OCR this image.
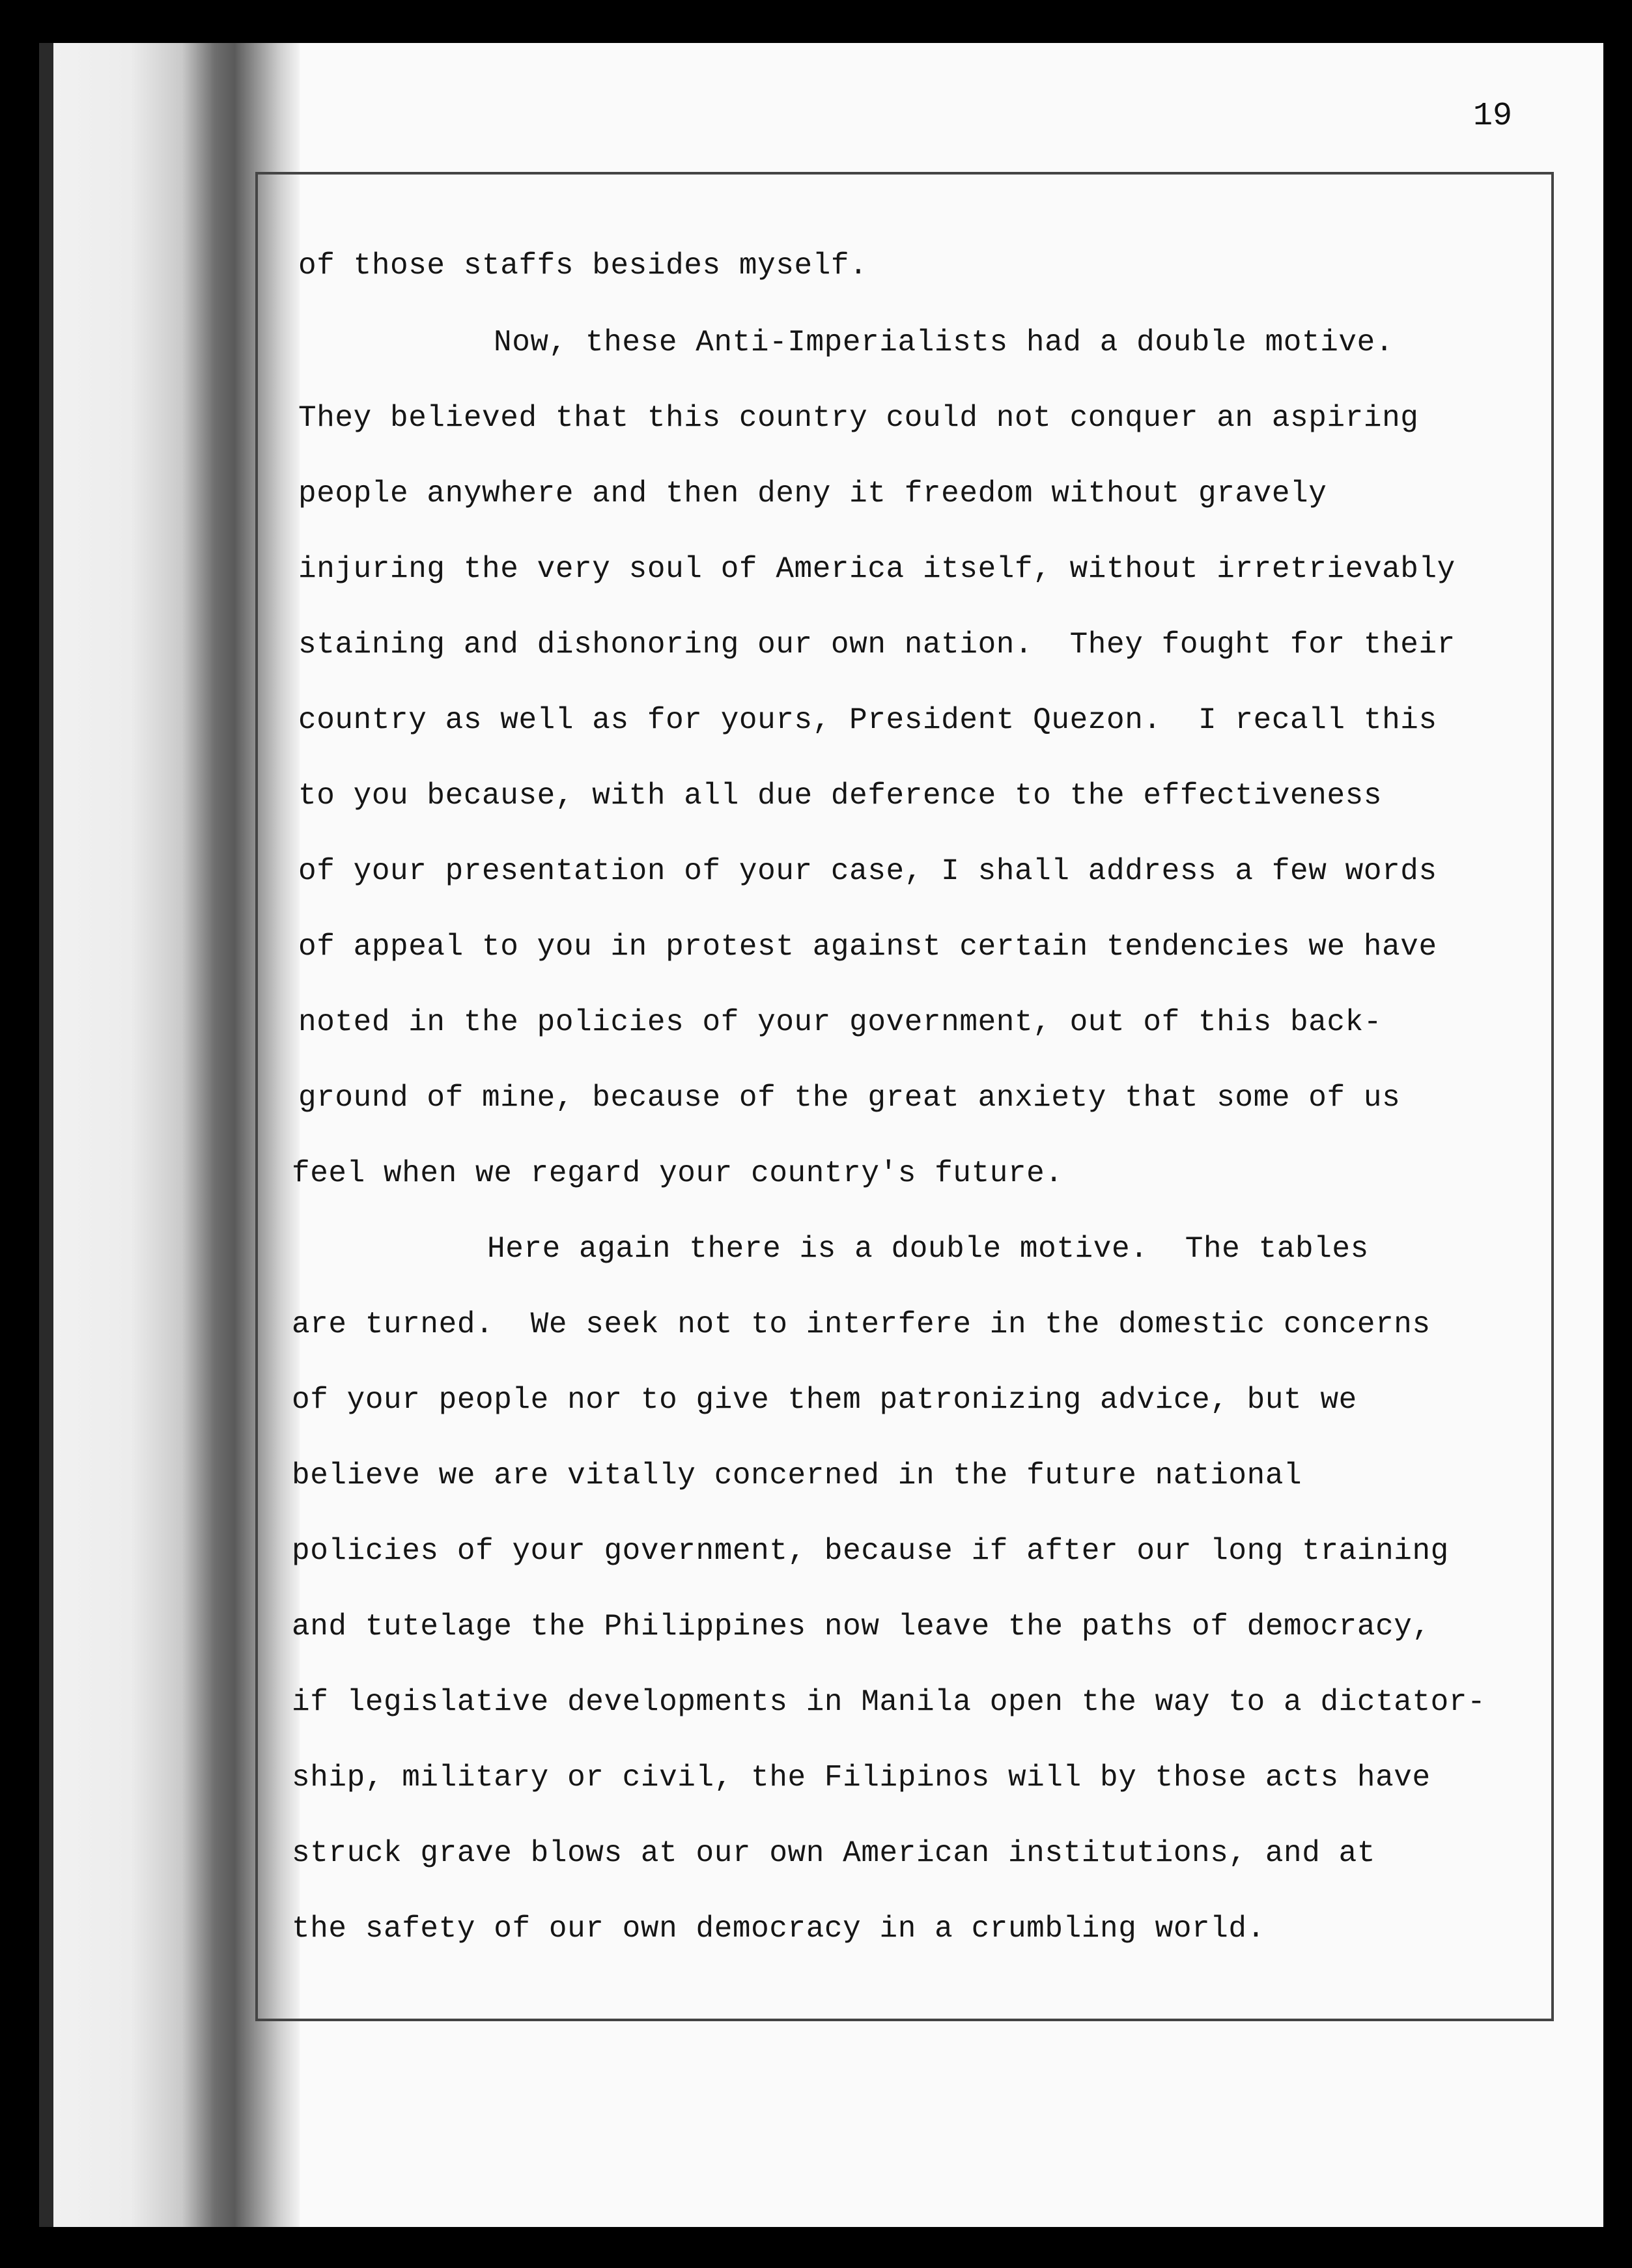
19
of those staffs besides myself.
Now, these Anti-Imperialists had a double motive.
They believed that this country could not conquer an aspiring
people anywhere and then deny it freedom without gravely
injuring the very soul of America itself, without irretrievably
staining and dishonoring our own nation.  They fought for their
country as well as for yours, President Quezon.  I recall this
to you because, with all due deference to the effectiveness
of your presentation of your case, I shall address a few words
of appeal to you in protest against certain tendencies we have
noted in the policies of your government, out of this back-
ground of mine, because of the great anxiety that some of us
feel when we regard your country's future.
Here again there is a double motive.  The tables
are turned.  We seek not to interfere in the domestic concerns
of your people nor to give them patronizing advice, but we
believe we are vitally concerned in the future national
policies of your government, because if after our long training
and tutelage the Philippines now leave the paths of democracy,
if legislative developments in Manila open the way to a dictator-
ship, military or civil, the Filipinos will by those acts have
struck grave blows at our own American institutions, and at
the safety of our own democracy in a crumbling world.
